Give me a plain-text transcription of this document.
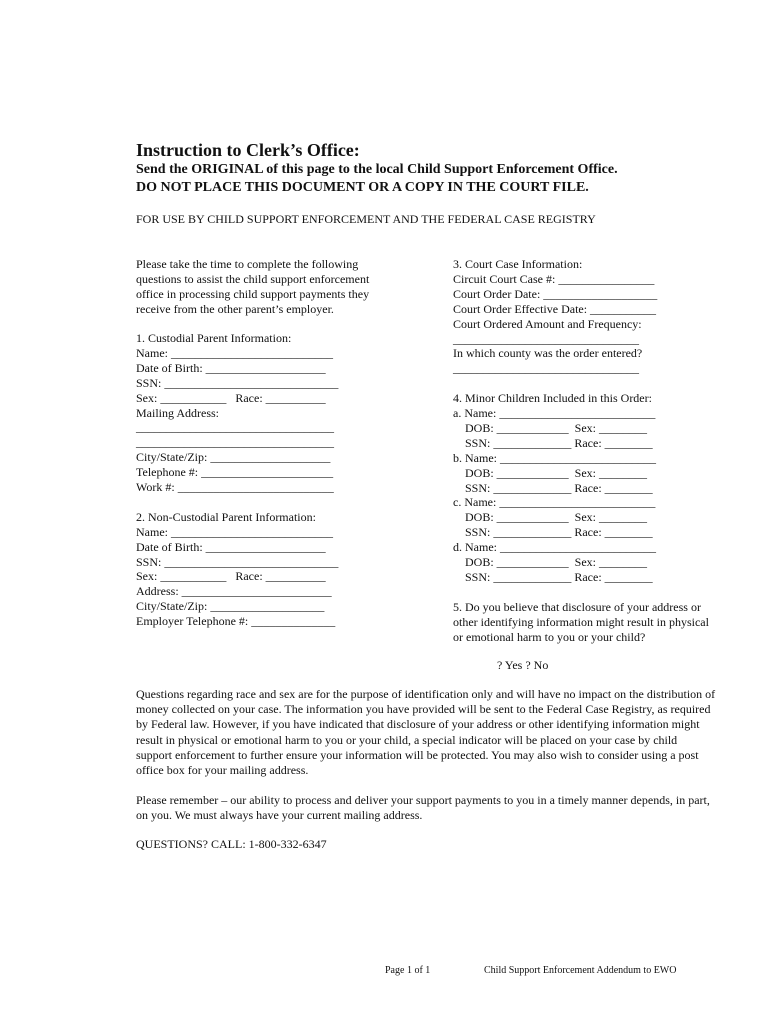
Instruction to Clerk’s Office:
Send the ORIGINAL of this page to the local Child Support Enforcement Office.
DO NOT PLACE THIS DOCUMENT OR A COPY IN THE COURT FILE.
FOR USE BY CHILD SUPPORT ENFORCEMENT AND THE FEDERAL CASE REGISTRY
Please take the time to complete the following
questions to assist the child support enforcement
office in processing child support payments they
receive from the other parent’s employer.
1. Custodial Parent Information:
Name: ___________________________
Date of Birth: ____________________
SSN: _____________________________
Sex: ___________   Race: __________
Mailing Address:
_________________________________
_________________________________
City/State/Zip: ____________________
Telephone #: ______________________
Work #: __________________________
2. Non-Custodial Parent Information:
Name: ___________________________
Date of Birth: ____________________
SSN: _____________________________
Sex: ___________   Race: __________
Address: _________________________
City/State/Zip: ___________________
Employer Telephone #: ______________
3. Court Case Information:
Circuit Court Case #: ________________
Court Order Date: ___________________
Court Order Effective Date: ___________
Court Ordered Amount and Frequency:
_______________________________
In which county was the order entered?
_______________________________
4. Minor Children Included in this Order:
a. Name: __________________________
DOB: ____________  Sex: ________
SSN: _____________ Race: ________
b. Name: __________________________
DOB: ____________  Sex: ________
SSN: _____________ Race: ________
c. Name: __________________________
DOB: ____________  Sex: ________
SSN: _____________ Race: ________
d. Name: __________________________
DOB: ____________  Sex: ________
SSN: _____________ Race: ________
5. Do you believe that disclosure of your address or
other identifying information might result in physical
or emotional harm to you or your child?
? Yes ? No
Questions regarding race and sex are for the purpose of identification only and will have no impact on the distribution of money collected on your case. The information you have provided will be sent to the Federal Case Registry, as required by Federal law. However, if you have indicated that disclosure of your address or other identifying information might result in physical or emotional harm to you or your child, a special indicator will be placed on your case by child support enforcement to further ensure your information will be protected. You may also wish to consider using a post office box for your mailing address.
Please remember – our ability to process and deliver your support payments to you in a timely manner depends, in part, on you. We must always have your current mailing address.
QUESTIONS? CALL: 1-800-332-6347
Page 1 of 1	Child Support Enforcement Addendum to EWO
